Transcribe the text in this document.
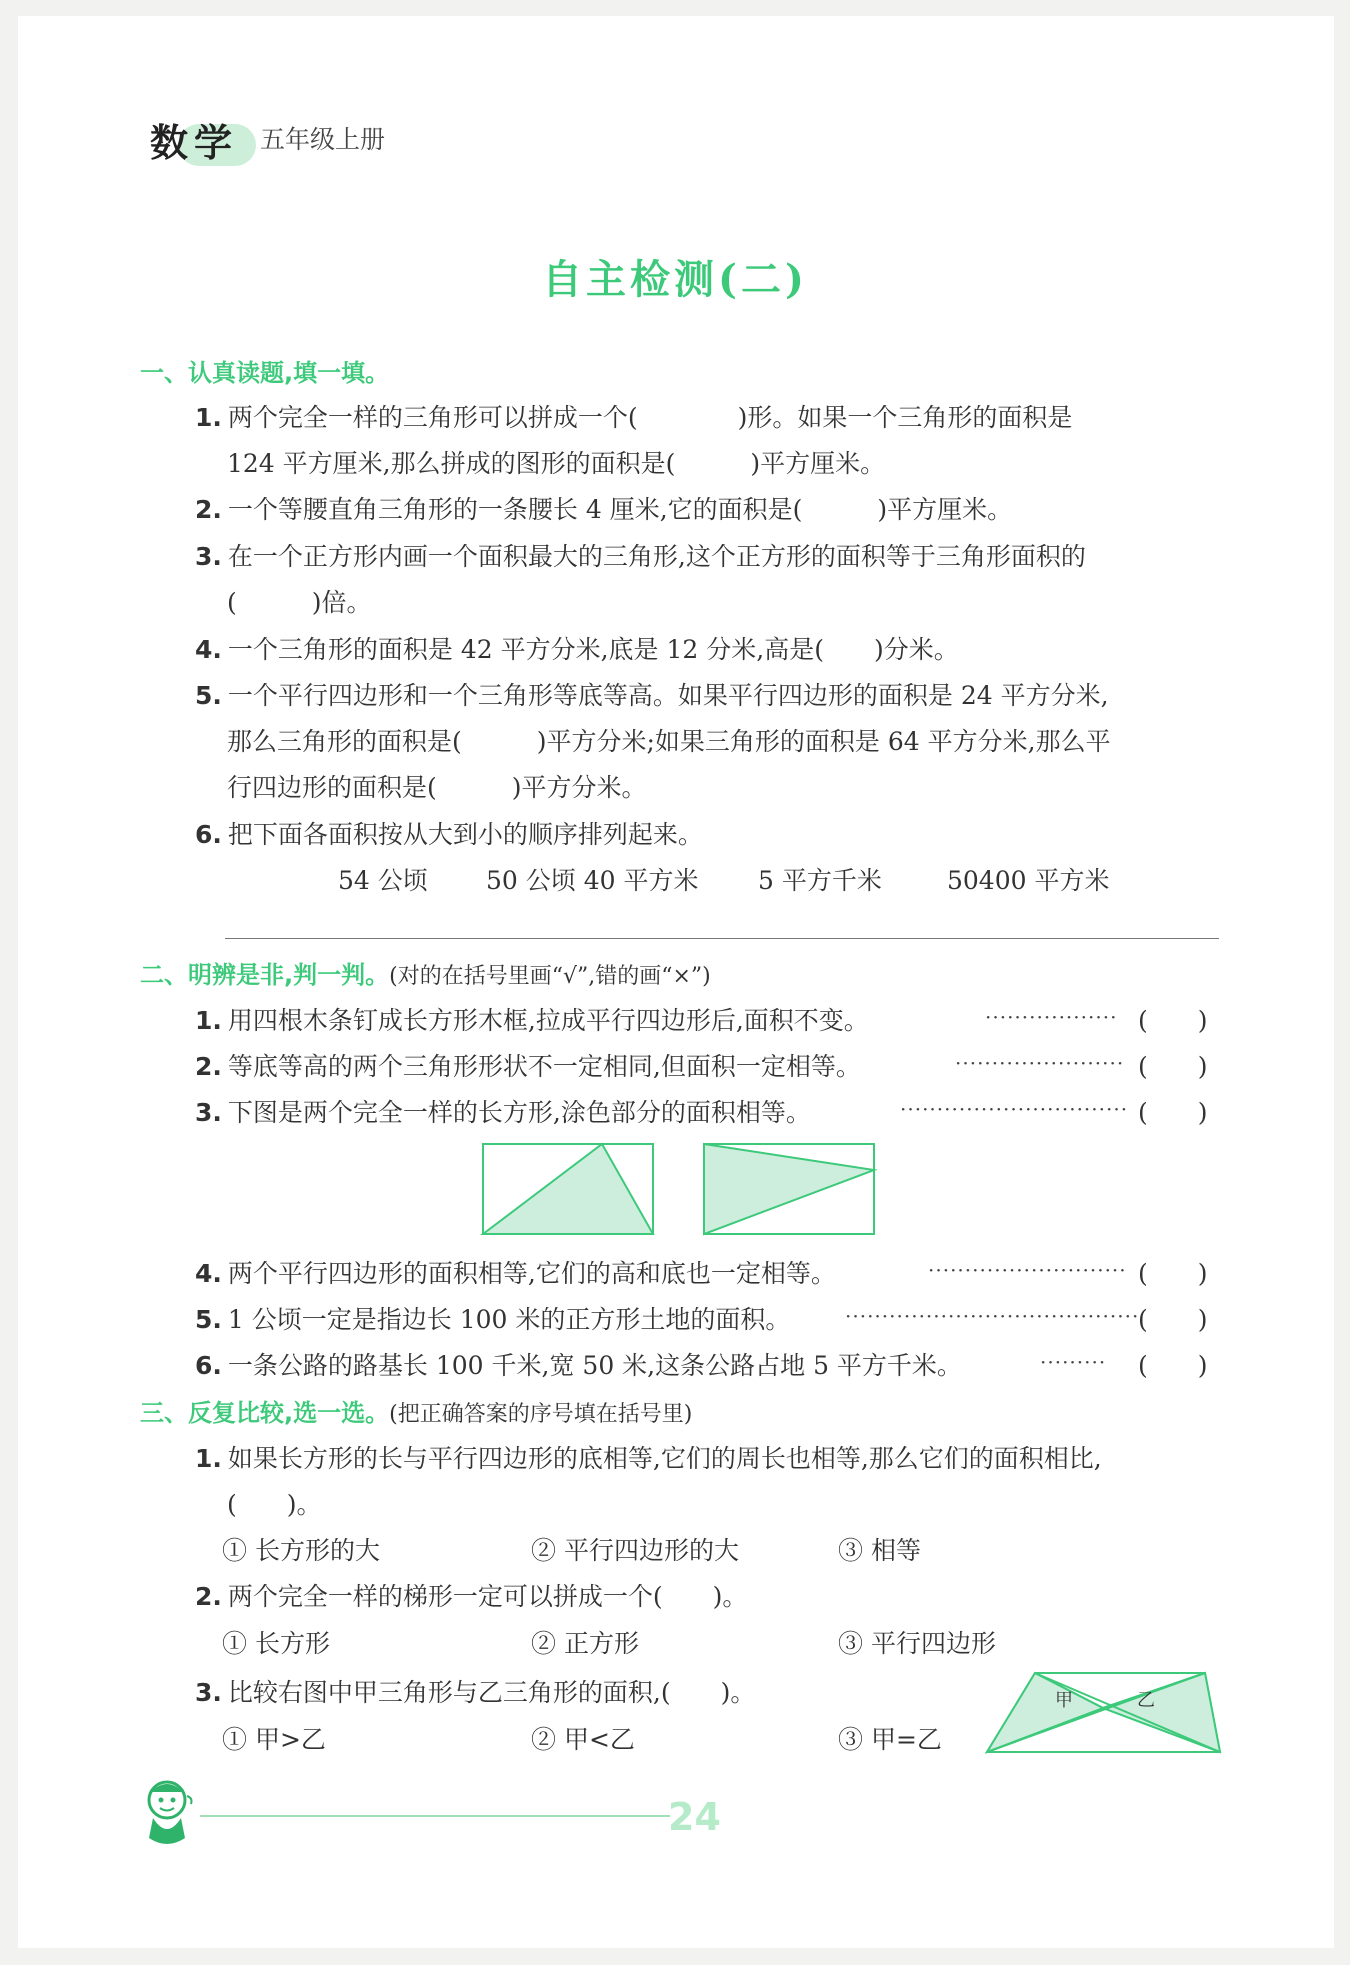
数学 五年级上册
自主检测(二)
一、认真读题,填一填。
1. 两个完全一样的三角形可以拼成一个(　　　　)形。如果一个三角形的面积是
124 平方厘米,那么拼成的图形的面积是(　　　)平方厘米。
2. 一个等腰直角三角形的一条腰长 4 厘米,它的面积是(　　　)平方厘米。
3. 在一个正方形内画一个面积最大的三角形,这个正方形的面积等于三角形面积的
(　　　)倍。
4. 一个三角形的面积是 42 平方分米,底是 12 分米,高是(　　)分米。
5. 一个平行四边形和一个三角形等底等高。如果平行四边形的面积是 24 平方分米,
那么三角形的面积是(　　　)平方分米;如果三角形的面积是 64 平方分米,那么平
行四边形的面积是(　　　)平方分米。
6. 把下面各面积按从大到小的顺序排列起来。
54 公顷 50 公顷 40 平方米 5 平方千米	50400 平方米
二、明辨是非,判一判。(对的在括号里画“√”,错的画“×”)
1. 用四根木条钉成长方形木框,拉成平行四边形后,面积不变。	·················· (　　)
2. 等底等高的两个三角形形状不一定相同,但面积一定相等。	······················· (　　)
3. 下图是两个完全一样的长方形,涂色部分的面积相等。	······························· (　　)
4. 两个平行四边形的面积相等,它们的高和底也一定相等。	··························· (　　)
5. 1 公顷一定是指边长 100 米的正方形土地的面积。	········································
(　　)
6. 一条公路的路基长 100 千米,宽 50 米,这条公路占地 5 平方千米。	········· (　　)
三、反复比较,选一选。(把正确答案的序号填在括号里)
1. 如果长方形的长与平行四边形的底相等,它们的周长也相等,那么它们的面积相比,
(　　)。
① 长方形的大	② 平行四边形的大	③ 相等
2. 两个完全一样的梯形一定可以拼成一个(　　)。
① 长方形	② 正方形	③ 平行四边形
3. 比较右图中甲三角形与乙三角形的面积,(　　)。
① 甲>乙	② 甲<乙	③ 甲=乙
甲	乙
24
